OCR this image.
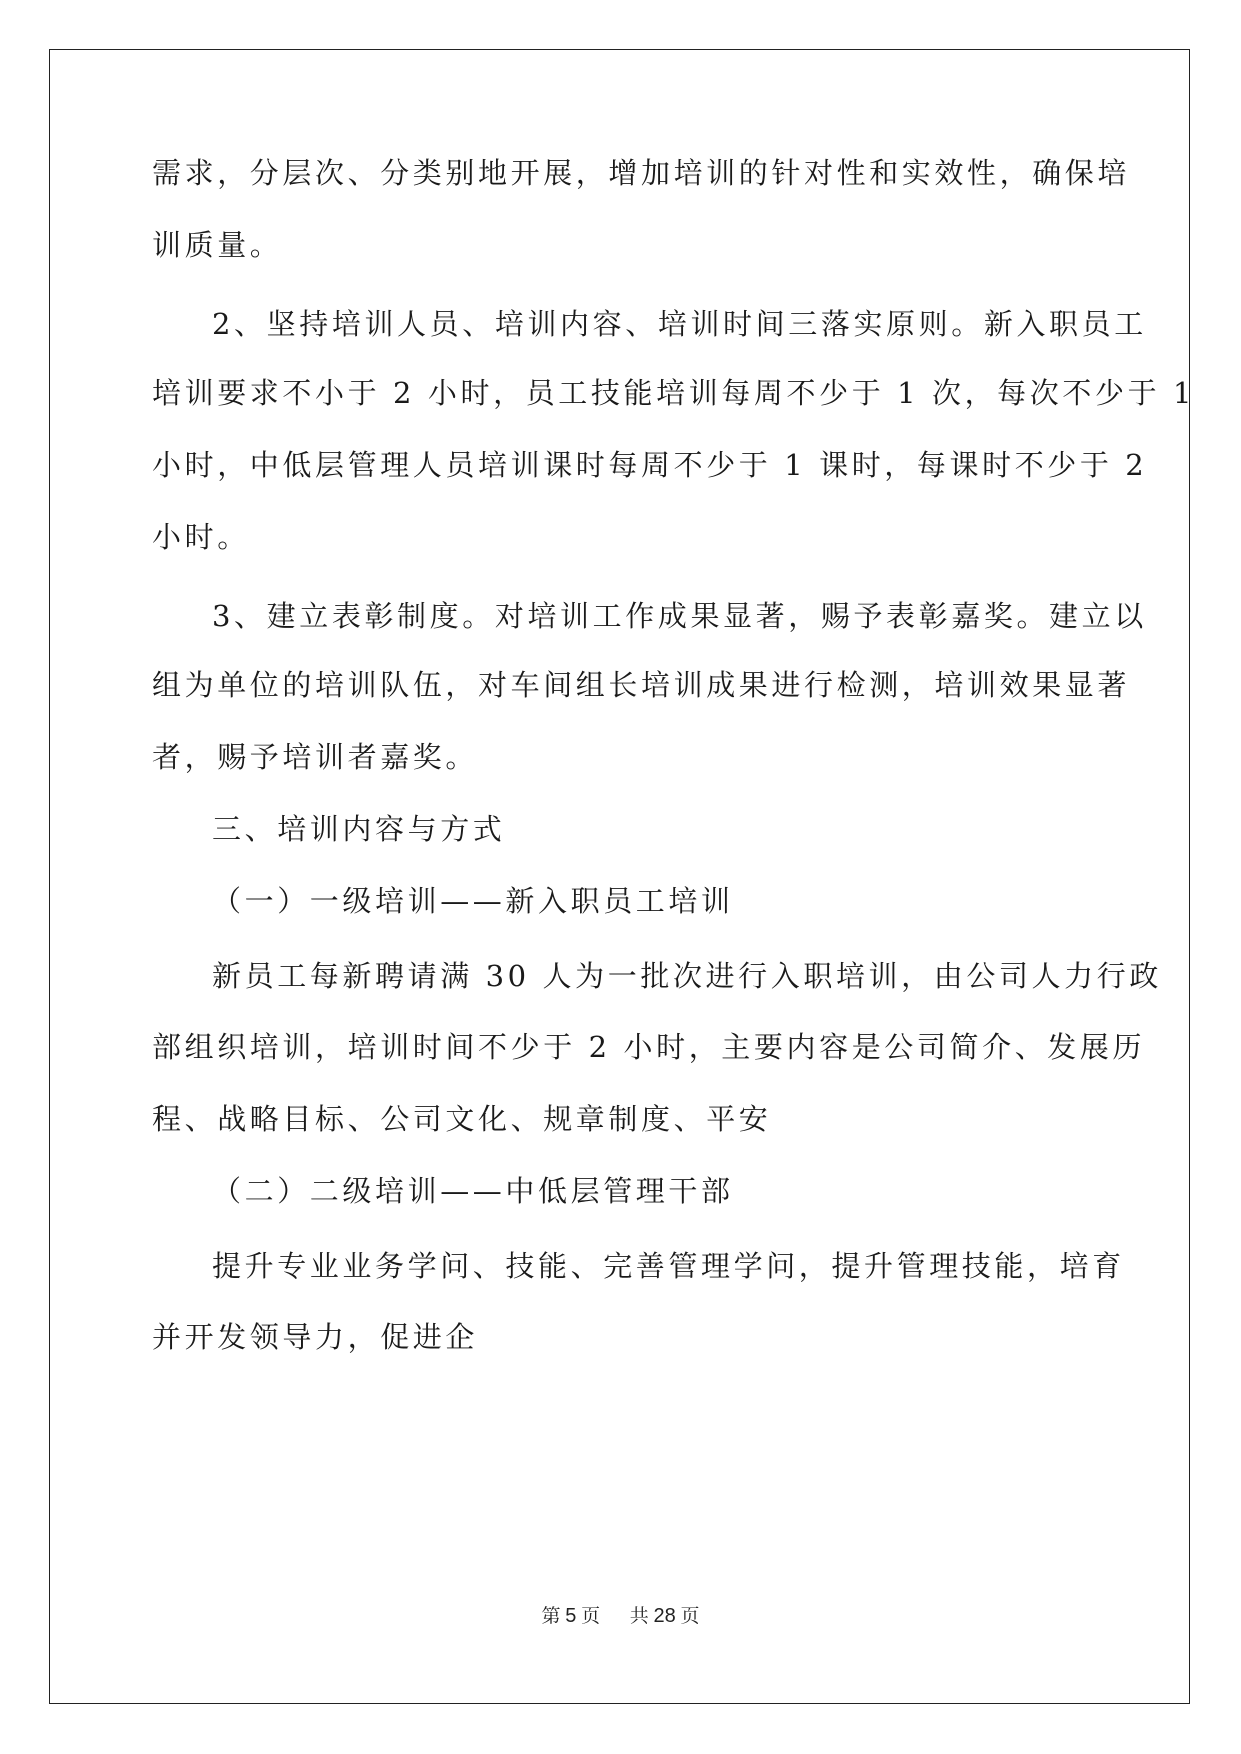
需求，分层次、分类别地开展，增加培训的针对性和实效性，确保培
训质量。
2、坚持培训人员、培训内容、培训时间三落实原则。新入职员工
培训要求不小于 2 小时，员工技能培训每周不少于 1 次，每次不少于 1
小时，中低层管理人员培训课时每周不少于 1 课时，每课时不少于 2
小时。
3、建立表彰制度。对培训工作成果显著，赐予表彰嘉奖。建立以
组为单位的培训队伍，对车间组长培训成果进行检测，培训效果显著
者，赐予培训者嘉奖。
三、培训内容与方式
（一）一级培训——新入职员工培训
新员工每新聘请满 30 人为一批次进行入职培训，由公司人力行政
部组织培训，培训时间不少于 2 小时，主要内容是公司简介、发展历
程、战略目标、公司文化、规章制度、平安
（二）二级培训——中低层管理干部
提升专业业务学问、技能、完善管理学问，提升管理技能，培育
并开发领导力，促进企
第 5 页 共 28 页
